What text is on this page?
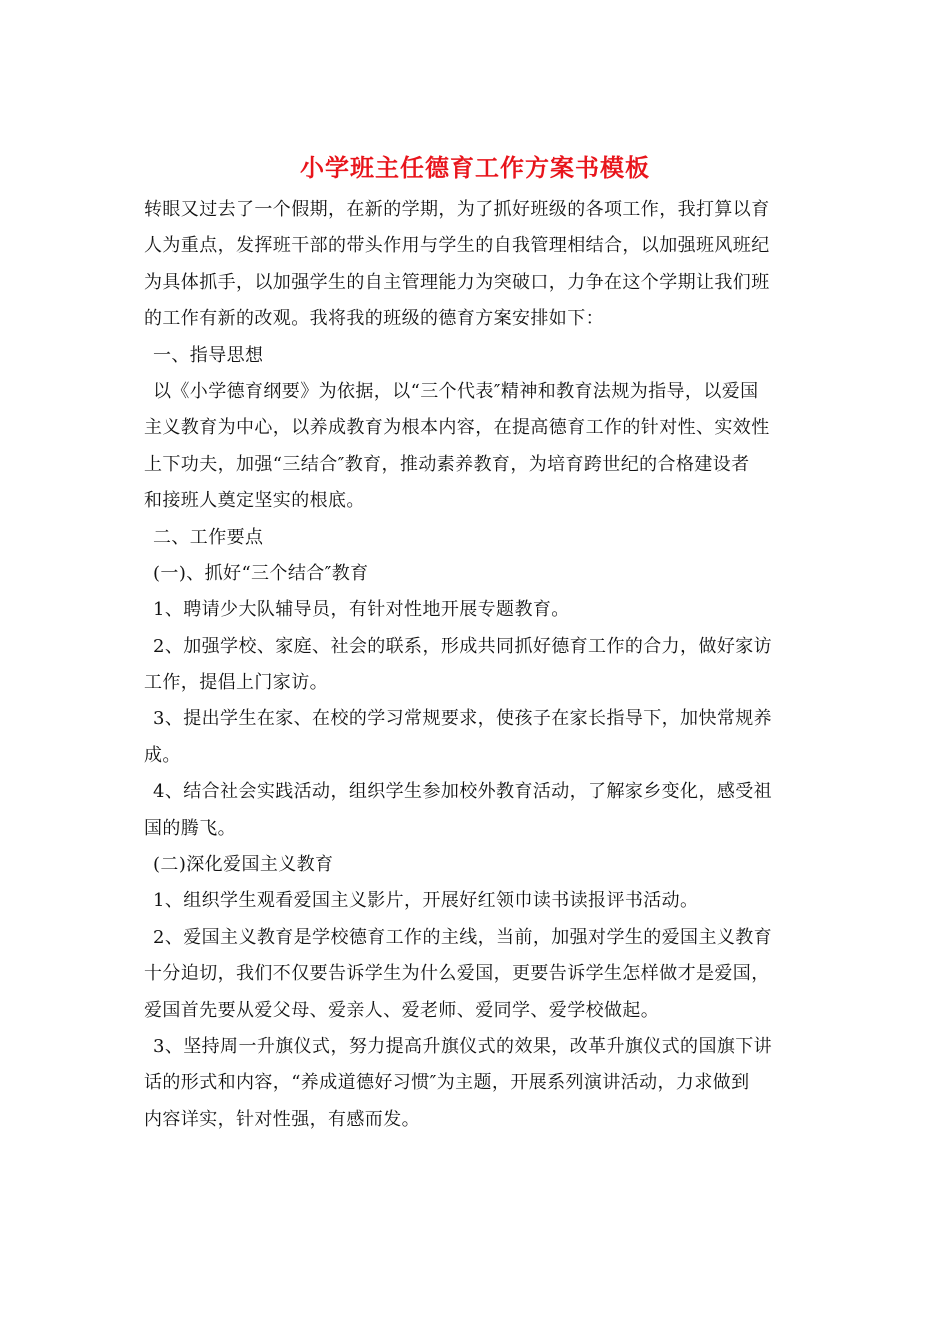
小学班主任德育工作方案书模板
转眼又过去了一个假期，在新的学期，为了抓好班级的各项工作，我打算以育
人为重点，发挥班干部的带头作用与学生的自我管理相结合，以加强班风班纪
为具体抓手，以加强学生的自主管理能力为突破口，力争在这个学期让我们班
的工作有新的改观。我将我的班级的德育方案安排如下：
一、指导思想
以《小学德育纲要》为依据，以“三个代表″精神和教育法规为指导，以爱国
主义教育为中心，以养成教育为根本内容，在提高德育工作的针对性、实效性
上下功夫，加强“三结合″教育，推动素养教育，为培育跨世纪的合格建设者
和接班人奠定坚实的根底。
二、工作要点
(一)、抓好“三个结合″教育
1、聘请少大队辅导员，有针对性地开展专题教育。
2、加强学校、家庭、社会的联系，形成共同抓好德育工作的合力，做好家访
工作，提倡上门家访。
3、提出学生在家、在校的学习常规要求，使孩子在家长指导下，加快常规养
成。
4、结合社会实践活动，组织学生参加校外教育活动，了解家乡变化，感受祖
国的腾飞。
(二)深化爱国主义教育
1、组织学生观看爱国主义影片，开展好红领巾读书读报评书活动。
2、爱国主义教育是学校德育工作的主线，当前，加强对学生的爱国主义教育
十分迫切，我们不仅要告诉学生为什么爱国，更要告诉学生怎样做才是爱国，
爱国首先要从爱父母、爱亲人、爱老师、爱同学、爱学校做起。
3、坚持周一升旗仪式，努力提高升旗仪式的效果，改革升旗仪式的国旗下讲
话的形式和内容，“养成道德好习惯″为主题，开展系列演讲活动，力求做到
内容详实，针对性强，有感而发。
